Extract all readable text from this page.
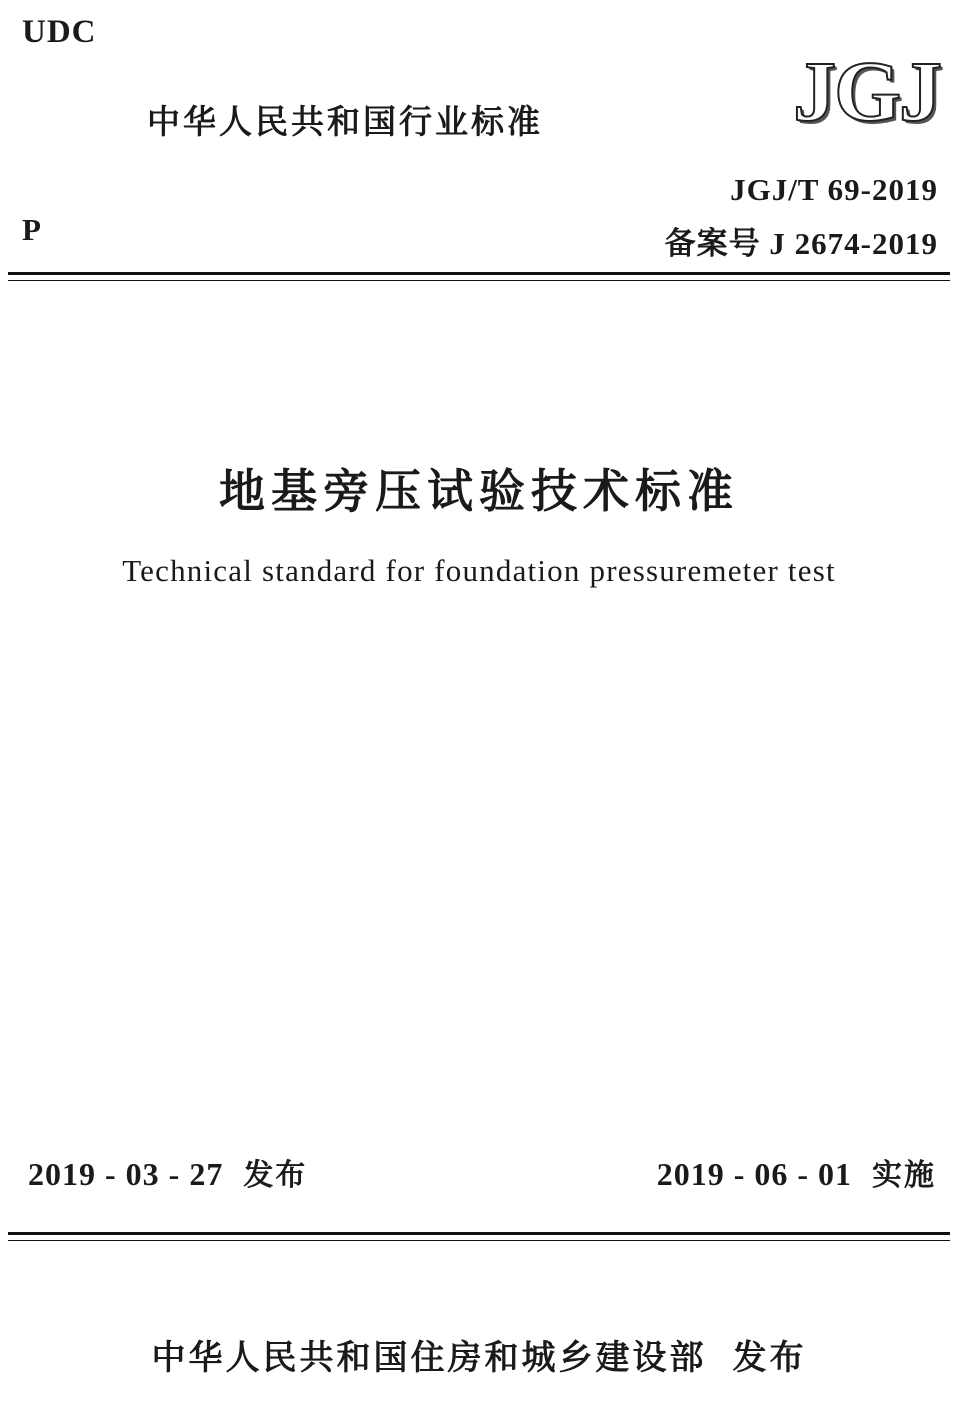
UDC
中华人民共和国行业标准	JGJ
P
JGJ/T 69-2019
备案号 J 2674-2019
地基旁压试验技术标准
Technical standard for foundation pressuremeter test
2019 - 03 - 27 发布	2019 - 06 - 01 实施
中华人民共和国住房和城乡建设部 发布
